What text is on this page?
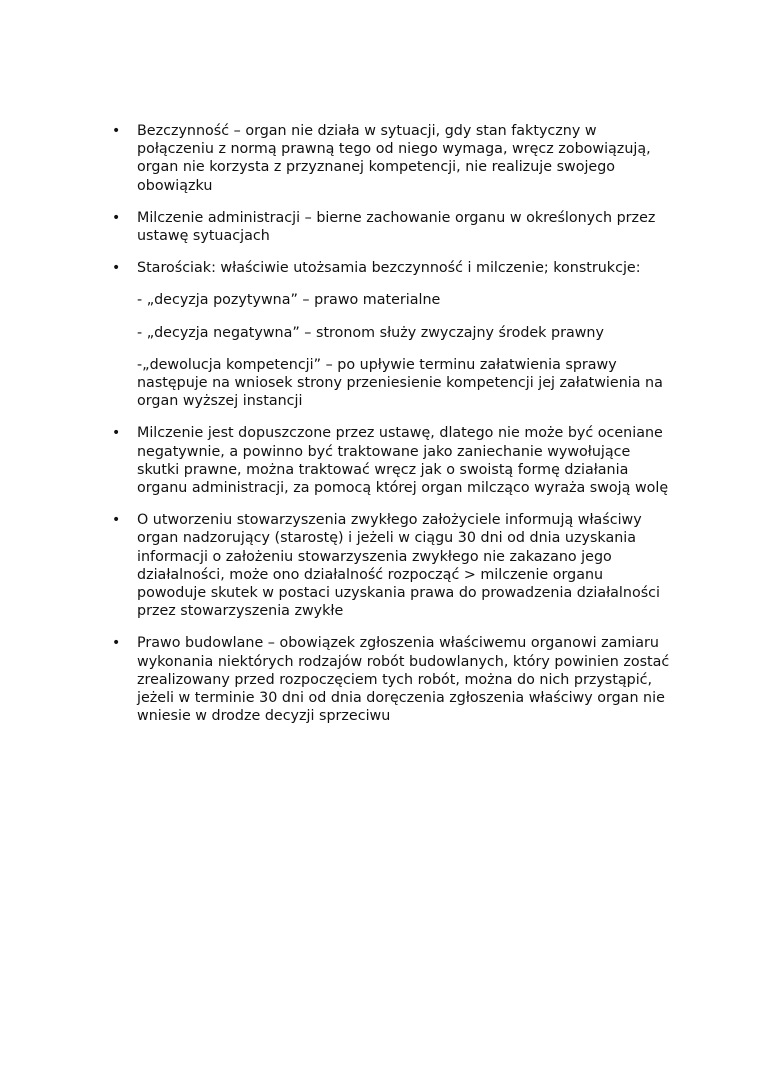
• Bezczynność – organ nie działa w sytuacji, gdy stan faktyczny w połączeniu z normą prawną tego od niego wymaga, wręcz zobowiązują, organ nie korzysta z przyznanej kompetencji, nie realizuje swojego obowiązku
• Milczenie administracji – bierne zachowanie organu w określonych przez ustawę sytuacjach
• Starościak: właściwie utożsamia bezczynność i milczenie; konstrukcje:
- „decyzja pozytywna” – prawo materialne
- „decyzja negatywna” – stronom służy zwyczajny środek prawny
-„dewolucja kompetencji” – po upływie terminu załatwienia sprawy następuje na wniosek strony przeniesienie kompetencji jej załatwienia na organ wyższej instancji
• Milczenie jest dopuszczone przez ustawę, dlatego nie może być oceniane negatywnie, a powinno być traktowane jako zaniechanie wywołujące skutki prawne, można traktować wręcz jak o swoistą formę działania organu administracji, za pomocą której organ milcząco wyraża swoją wolę
• O utworzeniu stowarzyszenia zwykłego założyciele informują właściwy organ nadzorujący (starostę) i jeżeli w ciągu 30 dni od dnia uzyskania informacji o założeniu stowarzyszenia zwykłego nie zakazano jego działalności, może ono działalność rozpocząć > milczenie organu powoduje skutek w postaci uzyskania prawa do prowadzenia działalności przez stowarzyszenia zwykłe
• Prawo budowlane – obowiązek zgłoszenia właściwemu organowi zamiaru wykonania niektórych rodzajów robót budowlanych, który powinien zostać zrealizowany przed rozpoczęciem tych robót, można do nich przystąpić, jeżeli w terminie 30 dni od dnia doręczenia zgłoszenia właściwy organ nie wniesie w drodze decyzji sprzeciwu
